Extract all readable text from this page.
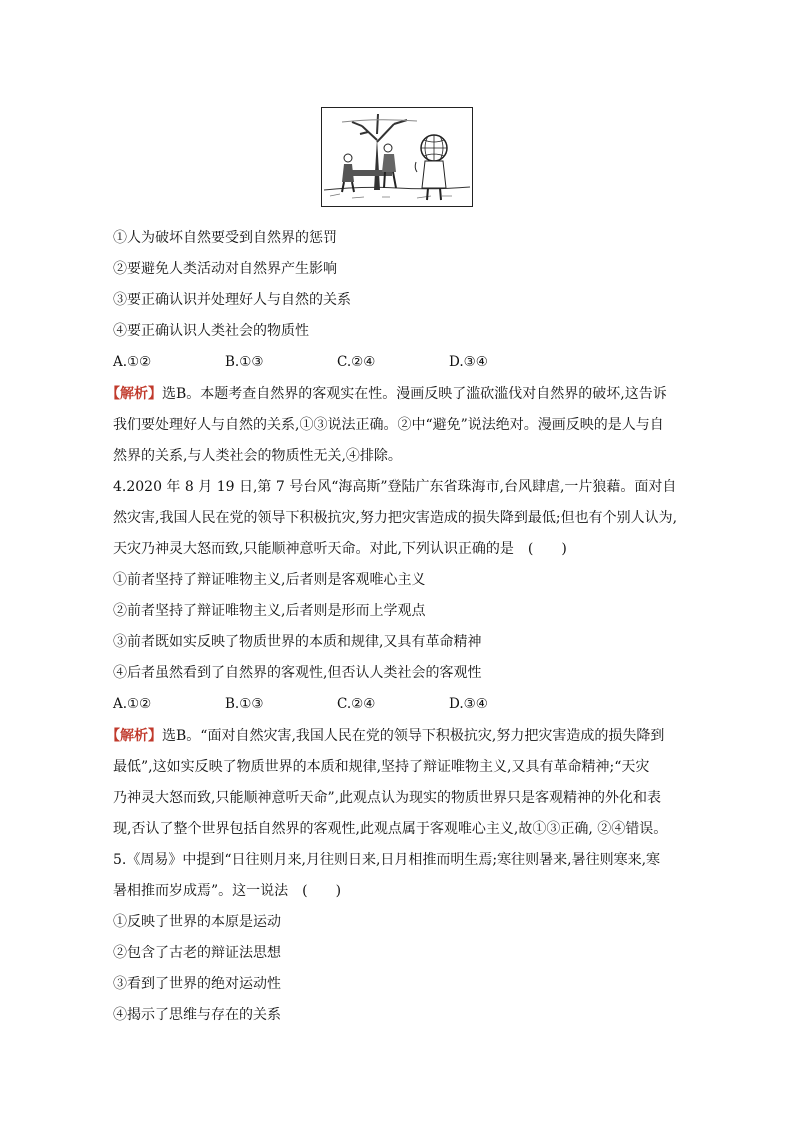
①人为破坏自然要受到自然界的惩罚
②要避免人类活动对自然界产生影响
③要正确认识并处理好人与自然的关系
④要正确认识人类社会的物质性
A.①②	B.①③	C.②④	D.③④
【解析】选B。本题考查自然界的客观实在性。漫画反映了滥砍滥伐对自然界的破坏,这告诉
我们要处理好人与自然的关系,①③说法正确。②中“避免”说法绝对。漫画反映的是人与自
然界的关系,与人类社会的物质性无关,④排除。
4.2020 年 8 月 19 日,第 7 号台风“海高斯”登陆广东省珠海市,台风肆虐,一片狼藉。面对自
然灾害,我国人民在党的领导下积极抗灾,努力把灾害造成的损失降到最低;但也有个别人认为,
天灾乃神灵大怒而致,只能顺神意听天命。对此,下列认识正确的是　(　　)
①前者坚持了辩证唯物主义,后者则是客观唯心主义
②前者坚持了辩证唯物主义,后者则是形而上学观点
③前者既如实反映了物质世界的本质和规律,又具有革命精神
④后者虽然看到了自然界的客观性,但否认人类社会的客观性
A.①②	B.①③	C.②④	D.③④
【解析】选B。“面对自然灾害,我国人民在党的领导下积极抗灾,努力把灾害造成的损失降到
最低”,这如实反映了物质世界的本质和规律,坚持了辩证唯物主义,又具有革命精神;“天灾
乃神灵大怒而致,只能顺神意听天命”,此观点认为现实的物质世界只是客观精神的外化和表
现,否认了整个世界包括自然界的客观性,此观点属于客观唯心主义,故①③正确, ②④错误。
5.《周易》中提到“日往则月来,月往则日来,日月相推而明生焉;寒往则暑来,暑往则寒来,寒
暑相推而岁成焉”。这一说法　(　　)
①反映了世界的本原是运动
②包含了古老的辩证法思想
③看到了世界的绝对运动性
④揭示了思维与存在的关系
